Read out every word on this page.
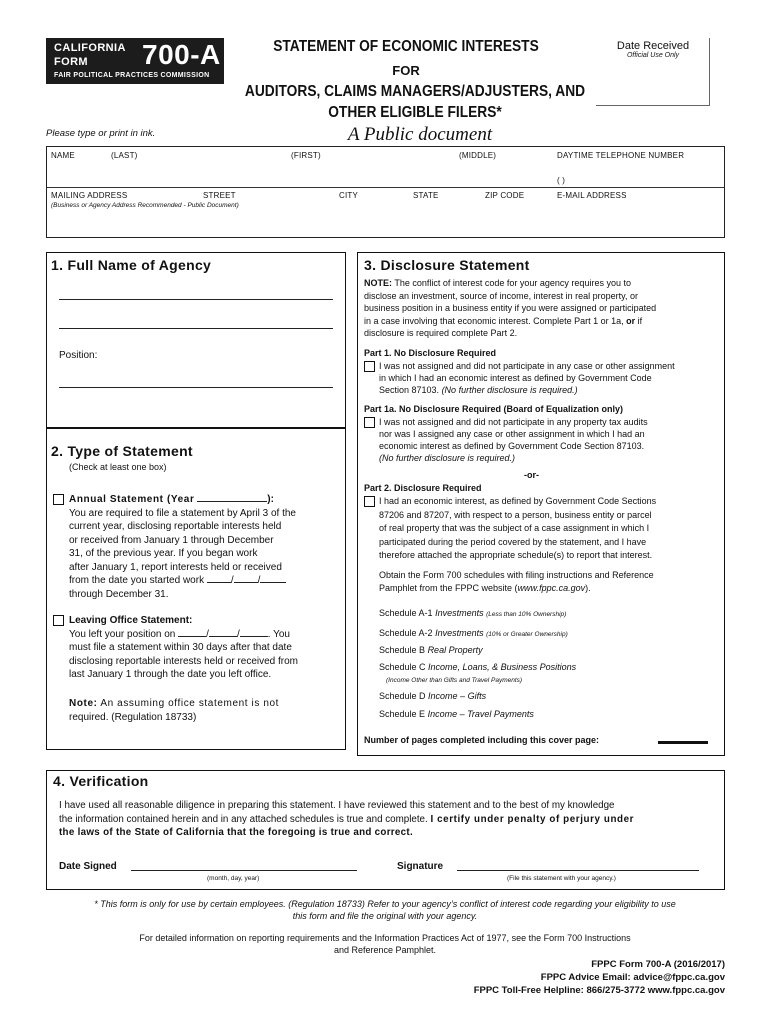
CALIFORNIA
FORM 700-A
FAIR POLITICAL PRACTICES COMMISSION
STATEMENT OF ECONOMIC INTERESTS
FOR
AUDITORS, CLAIMS MANAGERS/ADJUSTERS, AND
OTHER ELIGIBLE FILERS*
A Public document
Date Received
Official Use Only
Please type or print in ink.
NAME	(LAST)	(FIRST)	(MIDDLE)	DAYTIME TELEPHONE NUMBER
( )
MAILING ADDRESS	STREET	CITY	STATE	ZIP CODE	E-MAIL ADDRESS
(Business or Agency Address Recommended - Public Document)
1. Full Name of Agency
Position:
2. Type of Statement
(Check at least one box)
Annual Statement (Year	):
You are required to file a statement by April 3 of the
current year, disclosing reportable interests held
or received from January 1 through December
31, of the previous year. If you began work
after January 1, report interests held or received
from the date you started work	/ /
through December 31.
Leaving Office Statement:
You left your position on	/	/	. You
must file a statement within 30 days after that date
disclosing reportable interests held or received from
last January 1 through the date you left office.
Note: An assuming office statement is not
required. (Regulation 18733)
3. Disclosure Statement
NOTE: The conflict of interest code for your agency requires you to
disclose an investment, source of income, interest in real property, or
business position in a business entity if you were assigned or participated
in a case involving that economic interest. Complete Part 1 or 1a, or if
disclosure is required complete Part 2.
Part 1. No Disclosure Required
I was not assigned and did not participate in any case or other assignment
in which I had an economic interest as defined by Government Code
Section 87103. (No further disclosure is required.)
Part 1a. No Disclosure Required (Board of Equalization only)
I was not assigned and did not participate in any property tax audits
nor was I assigned any case or other assignment in which I had an
economic interest as defined by Government Code Section 87103.
(No further disclosure is required.)
-or-
Part 2. Disclosure Required
I had an economic interest, as defined by Government Code Sections
87206 and 87207, with respect to a person, business entity or parcel
of real property that was the subject of a case assignment in which I
participated during the period covered by the statement, and I have
therefore attached the appropriate schedule(s) to report that interest.
Obtain the Form 700 schedules with filing instructions and Reference
Pamphlet from the FPPC website (www.fppc.ca.gov).
Schedule A-1 Investments (Less than 10% Ownership)
Schedule A-2 Investments (10% or Greater Ownership)
Schedule B Real Property
Schedule C Income, Loans, & Business Positions
(Income Other than Gifts and Travel Payments)
Schedule D Income – Gifts
Schedule E Income – Travel Payments
Number of pages completed including this cover page:
4. Verification
I have used all reasonable diligence in preparing this statement. I have reviewed this statement and to the best of my knowledge
the information contained herein and in any attached schedules is true and complete. I certify under penalty of perjury under
the laws of the State of California that the foregoing is true and correct.
Date Signed
(month, day, year)
Signature
(File this statement with your agency.)
* This form is only for use by certain employees. (Regulation 18733) Refer to your agency’s conflict of interest code regarding your eligibility to use
this form and file the original with your agency.
For detailed information on reporting requirements and the Information Practices Act of 1977, see the Form 700 Instructions
and Reference Pamphlet.
FPPC Form 700-A (2016/2017)
FPPC Advice Email: advice@fppc.ca.gov
FPPC Toll-Free Helpline: 866/275-3772 www.fppc.ca.gov
